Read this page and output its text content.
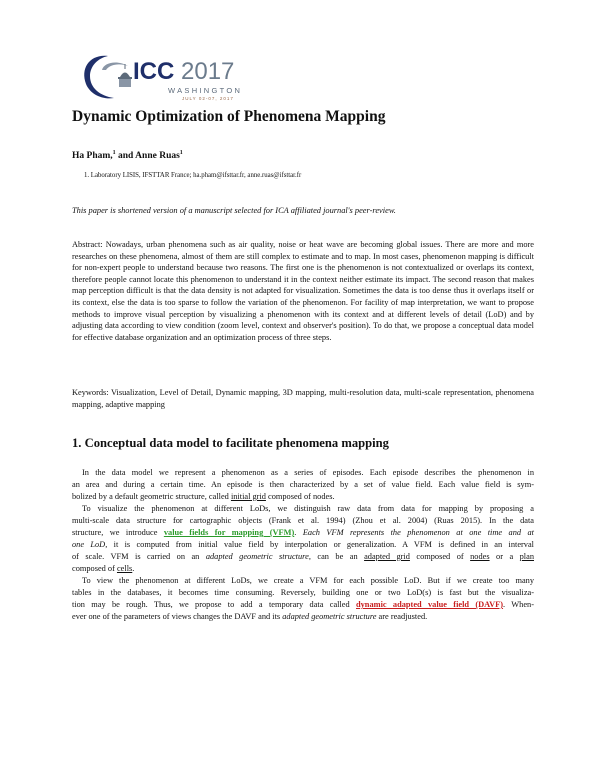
ICC 2017
WASHINGTON
JULY 02-07, 2017
Dynamic Optimization of Phenomena Mapping
Ha Pham,$^1$ and Anne Ruas$^1$
1. Laboratory LISIS, IFSTTAR France; ha.pham@ifsttar.fr, anne.ruas@ifsttar.fr
This paper is shortened version of a manuscript selected for ICA affiliated journal's peer-review.
Abstract: Nowadays, urban phenomena such as air quality, noise or heat wave are becoming global issues. There are more and more researches on these phenomena, almost of them are still complex to estimate and to map. In most cases, phenomenon mapping is difficult for non-expert people to understand because two reasons. The first one is the phenomenon is not contextualized or overlaps its context, therefore people cannot locate this phenomenon to understand it in the context neither estimate its impact. The second reason that makes map perception difficult is that the data density is not adapted for visualization. Sometimes the data is too dense thus it overlaps itself or its context, else the data is too sparse to follow the variation of the phenomenon. For facility of map interpretation, we want to propose methods to improve visual perception by visualizing a phenomenon with its context and at different levels of detail (LoD) and by adjusting data according to view condition (zoom level, context and observer's position). To do that, we propose a conceptual data model for effective database organization and an optimization process of three steps.
Keywords: Visualization, Level of Detail, Dynamic mapping, 3D mapping, multi-resolution data, multi-scale representation, phenomena mapping, adaptive mapping
1. Conceptual data model to facilitate phenomena mapping
In the data model we represent a phenomenon as a series of episodes. Each episode describes the phenomenon in
an area and during a certain time. An episode is then characterized by a set of value field. Each value field is sym-
bolized by a default geometric structure, called initial grid composed of nodes.
To visualize the phenomenon at different LoDs, we distinguish raw data from data for mapping by proposing a
multi-scale data structure for cartographic objects (Frank et al. 1994) (Zhou et al. 2004) (Ruas 2015). In the data
structure, we introduce value fields for mapping (VFM). Each VFM represents the phenomenon at one time and at
one LoD, it is computed from initial value field by interpolation or generalization. A VFM is defined in an interval
of scale. VFM is carried on an adapted geometric structure, can be an adapted grid composed of nodes or a plan
composed of cells.
To view the phenomenon at different LoDs, we create a VFM for each possible LoD. But if we create too many
tables in the databases, it becomes time consuming. Reversely, building one or two LoD(s) is fast but the visualiza-
tion may be rough. Thus, we propose to add a temporary data called dynamic adapted value field (DAVF). When-
ever one of the parameters of views changes the DAVF and its adapted geometric structure are readjusted.
